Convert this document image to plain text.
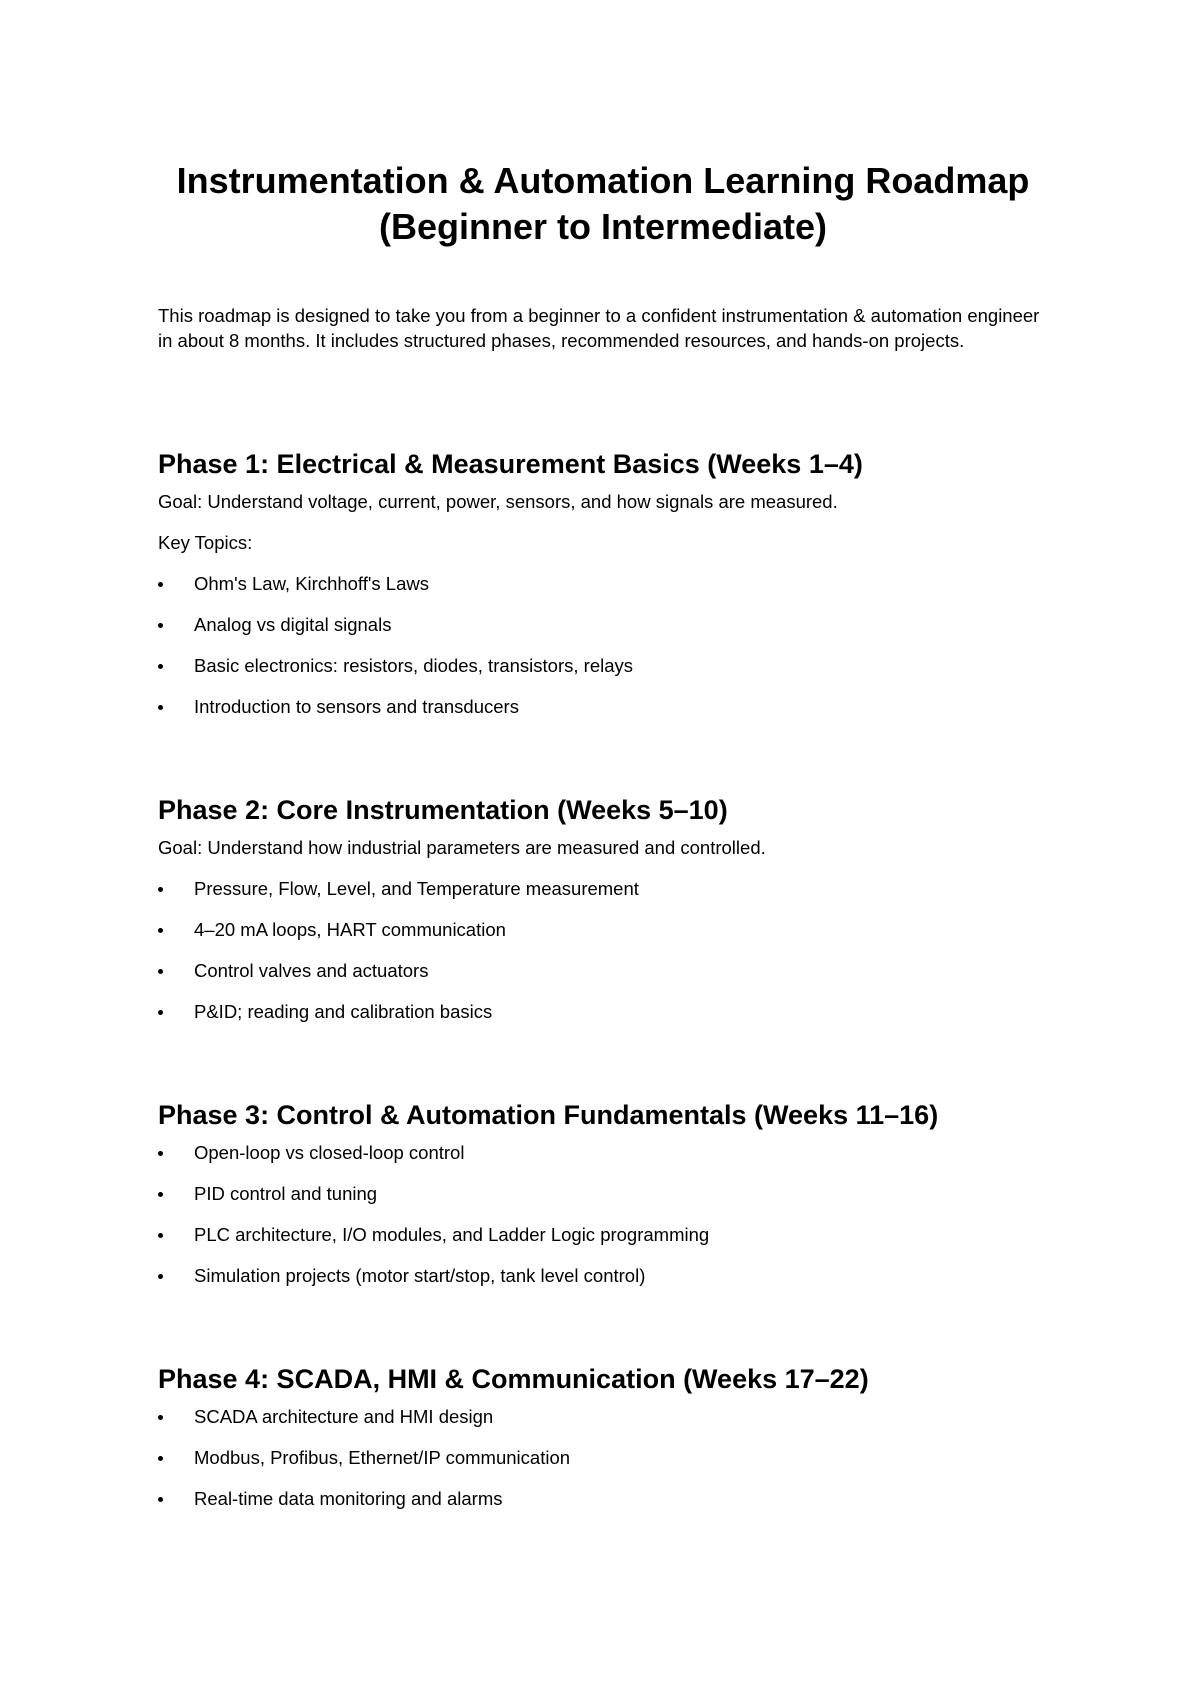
Instrumentation & Automation Learning Roadmap (Beginner to Intermediate)

This roadmap is designed to take you from a beginner to a confident instrumentation & automation engineer in about 8 months. It includes structured phases, recommended resources, and hands-on projects.

Phase 1: Electrical & Measurement Basics (Weeks 1–4)

Goal: Understand voltage, current, power, sensors, and how signals are measured.

Key Topics:

Ohm's Law, Kirchhoff's Laws
Analog vs digital signals
Basic electronics: resistors, diodes, transistors, relays
Introduction to sensors and transducers
Phase 2: Core Instrumentation (Weeks 5–10)

Goal: Understand how industrial parameters are measured and controlled.

Pressure, Flow, Level, and Temperature measurement
4–20 mA loops, HART communication
Control valves and actuators
P&ID; reading and calibration basics
Phase 3: Control & Automation Fundamentals (Weeks 11–16)
Open-loop vs closed-loop control
PID control and tuning
PLC architecture, I/O modules, and Ladder Logic programming
Simulation projects (motor start/stop, tank level control)
Phase 4: SCADA, HMI & Communication (Weeks 17–22)
SCADA architecture and HMI design
Modbus, Profibus, Ethernet/IP communication
Real-time data monitoring and alarms
